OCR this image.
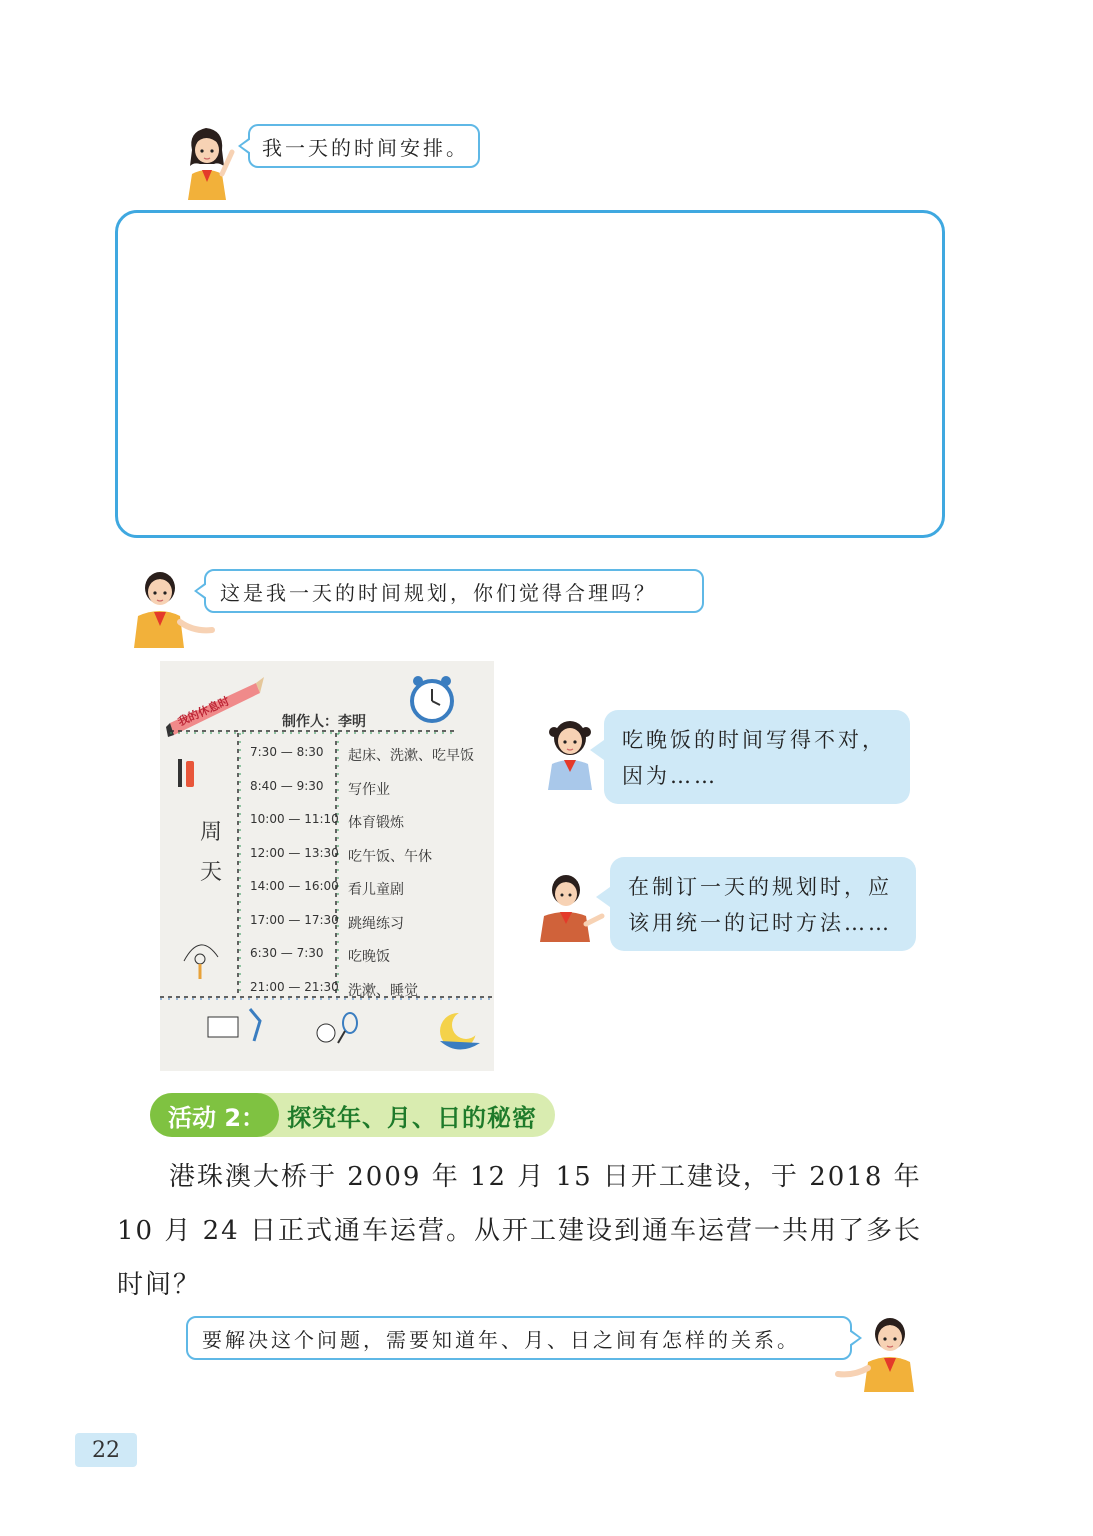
我一天的时间安排。
这是我一天的时间规划，你们觉得合理吗？
我的休息时	制作人：李明
周天
7:30 — 8:30 起床、洗漱、吃早饭
8:40 — 9:30 写作业
10:00 — 11:10 体育锻炼
12:00 — 13:30 吃午饭、午休
14:00 — 16:00 看儿童剧
17:00 — 17:30 跳绳练习
6:30 — 7:30 吃晚饭
21:00 — 21:30 洗漱、睡觉
吃晚饭的时间写得不对，因为……
在制订一天的规划时，应该用统一的记时方法……
活动 2： 探究年、月、日的秘密
港珠澳大桥于 2009 年 12 月 15 日开工建设，于 2018 年 10 月 24 日正式通车运营。从开工建设到通车运营一共用了多长时间？
要解决这个问题，需要知道年、月、日之间有怎样的关系。
22
